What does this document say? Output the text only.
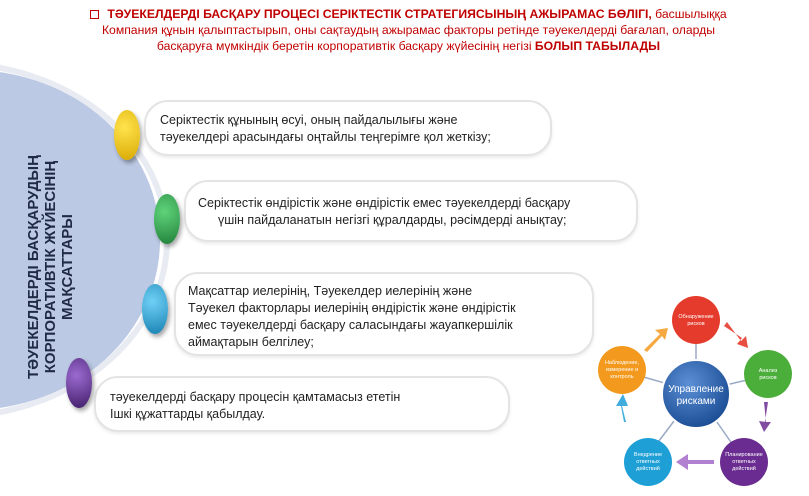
ТӘУЕКЕЛДЕРДІ БАСҚАРУ ПРОЦЕСІ СЕРІКТЕСТІК СТРАТЕГИЯСЫНЫҢ АЖЫРАМАС БӨЛІГІ, басшылыққа
Компания құнын қалыптастырып, оны сақтаудың ажырамас факторы ретінде тәуекелдерді бағалап, оларды
басқаруға мүмкіндік беретін корпоративтік басқару жүйесінің негізі БОЛЫП ТАБЫЛАДЫ
ТӘУЕКЕЛДЕРДІ БАСҚАРУДЫҢ КОРПОРАТИВТІК ЖҮЙЕСІНІҢ МАҚСАТТАРЫ
Серіктестік құнының өсуі, оның пайдалылығы және
тәуекелдері арасындағы оңтайлы теңгерімге қол жеткізу;
Серіктестік өндірістік және өндірістік емес тәуекелдерді басқару
үшін пайдаланатын негізгі құралдарды, рәсімдерді анықтау;
Мақсаттар иелерінің, Тәуекелдер иелерінің және
Тәуекел факторлары иелерінің өндірістік және өндірістік
емес тәуекелдерді басқару саласындағы жауапкершілік
аймақтарын белгілеу;
тәуекелдерді басқару процесін қамтамасыз ететін
Ішкі құжаттарды қабылдау.
Управление
рисками
Обнаружение
рисков
Анализ
рисков
Планирование
ответных
действий
Внедрение
ответных
действий
Наблюдение,
измерение и
контроль
